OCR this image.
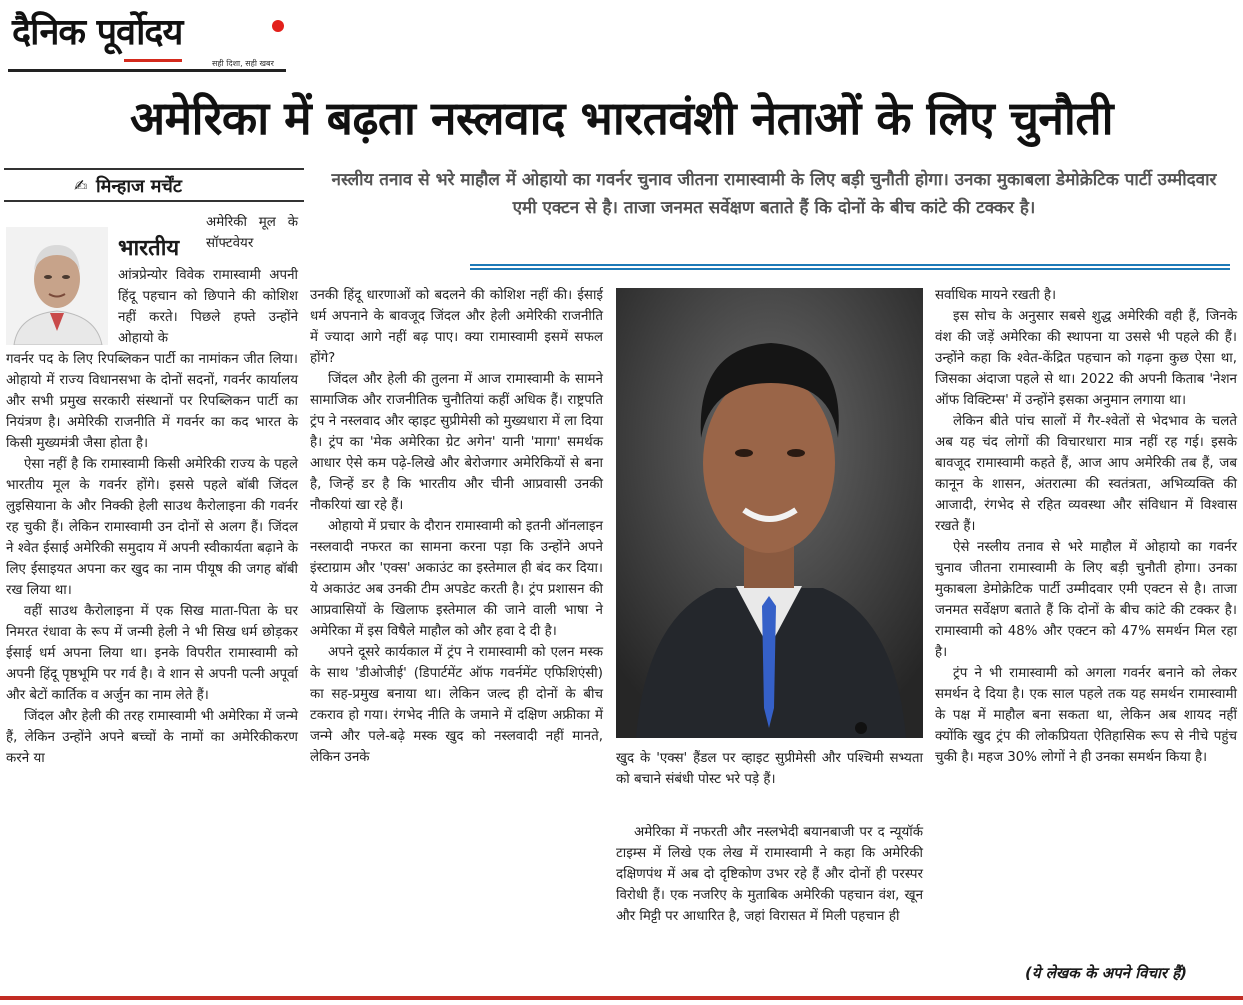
दैनिक पूर्वोदय
सही दिशा, सही खबर
अमेरिका में बढ़ता नस्लवाद भारतवंशी नेताओं के लिए चुनौती
✍ मिन्हाज मर्चेंट	नस्लीय तनाव से भरे माहौल में ओहायो का गवर्नर चुनाव जीतना रामास्वामी के लिए बड़ी चुनौती होगा। उनका मुकाबला डेमोक्रेटिक पार्टी उम्मीदवार एमी एक्टन से है। ताजा जनमत सर्वेक्षण बताते हैं कि दोनों के बीच कांटे की टक्कर है।

अमेरिकी मूल के सॉफ्टवेयर

भारतीय

आंत्रप्रेन्योर विवेक रामास्वामी अपनी हिंदू पहचान को छिपाने की कोशिश नहीं करते। पिछले हफ्ते उन्होंने ओहायो के

गवर्नर पद के लिए रिपब्लिकन पार्टी का नामांकन जीत लिया। ओहायो में राज्य विधानसभा के दोनों सदनों, गवर्नर कार्यालय और सभी प्रमुख सरकारी संस्थानों पर रिपब्लिकन पार्टी का नियंत्रण है। अमेरिकी राजनीति में गवर्नर का कद भारत के किसी मुख्यमंत्री जैसा होता है।

ऐसा नहीं है कि रामास्वामी किसी अमेरिकी राज्य के पहले भारतीय मूल के गवर्नर होंगे। इससे पहले बॉबी जिंदल लुइसियाना के और निक्की हेली साउथ कैरोलाइना की गवर्नर रह चुकी हैं। लेकिन रामास्वामी उन दोनों से अलग हैं। जिंदल ने श्वेत ईसाई अमेरिकी समुदाय में अपनी स्वीकार्यता बढ़ाने के लिए ईसाइयत अपना कर खुद का नाम पीयूष की जगह बॉबी रख लिया था।

वहीं साउथ कैरोलाइना में एक सिख माता-पिता के घर निमरत रंधावा के रूप में जन्मी हेली ने भी सिख धर्म छोड़कर ईसाई धर्म अपना लिया था। इनके विपरीत रामास्वामी को अपनी हिंदू पृष्ठभूमि पर गर्व है। वे शान से अपनी पत्नी अपूर्वा और बेटों कार्तिक व अर्जुन का नाम लेते हैं।

जिंदल और हेली की तरह रामास्वामी भी अमेरिका में जन्मे हैं, लेकिन उन्होंने अपने बच्चों के नामों का अमेरिकीकरण करने या

उनकी हिंदू धारणाओं को बदलने की कोशिश नहीं की। ईसाई धर्म अपनाने के बावजूद जिंदल और हेली अमेरिकी राजनीति में ज्यादा आगे नहीं बढ़ पाए। क्या रामास्वामी इसमें सफल होंगे?

जिंदल और हेली की तुलना में आज रामास्वामी के सामने सामाजिक और राजनीतिक चुनौतियां कहीं अधिक हैं। राष्ट्रपति ट्रंप ने नस्लवाद और व्हाइट सुप्रीमेसी को मुख्यधारा में ला दिया है। ट्रंप का 'मेक अमेरिका ग्रेट अगेन' यानी 'मागा' समर्थक आधार ऐसे कम पढ़े-लिखे और बेरोजगार अमेरिकियों से बना है, जिन्हें डर है कि भारतीय और चीनी आप्रवासी उनकी नौकरियां खा रहे हैं।

ओहायो में प्रचार के दौरान रामास्वामी को इतनी ऑनलाइन नस्लवादी नफरत का सामना करना पड़ा कि उन्होंने अपने इंस्टाग्राम और 'एक्स' अकाउंट का इस्तेमाल ही बंद कर दिया। ये अकाउंट अब उनकी टीम अपडेट करती है। ट्रंप प्रशासन की आप्रवासियों के खिलाफ इस्तेमाल की जाने वाली भाषा ने अमेरिका में इस विषैले माहौल को और हवा दे दी है।

अपने दूसरे कार्यकाल में ट्रंप ने रामास्वामी को एलन मस्क के साथ 'डीओजीई' (डिपार्टमेंट ऑफ गवर्नमेंट एफिशिएंसी) का सह-प्रमुख बनाया था। लेकिन जल्द ही दोनों के बीच टकराव हो गया। रंगभेद नीति के जमाने में दक्षिण अफ्रीका में जन्मे और पले-बढ़े मस्क खुद को नस्लवादी नहीं मानते, लेकिन उनके	खुद के 'एक्स' हैंडल पर व्हाइट सुप्रीमेसी और पश्चिमी सभ्यता को बचाने संबंधी पोस्ट भरे पड़े हैं।

अमेरिका में नफरती और नस्लभेदी बयानबाजी पर द न्यूयॉर्क टाइम्स में लिखे एक लेख में रामास्वामी ने कहा कि अमेरिकी दक्षिणपंथ में अब दो दृष्टिकोण उभर रहे हैं और दोनों ही परस्पर विरोधी हैं। एक नजरिए के मुताबिक अमेरिकी पहचान वंश, खून और मिट्टी पर आधारित है, जहां विरासत में मिली पहचान ही

सर्वाधिक मायने रखती है।

इस सोच के अनुसार सबसे शुद्ध अमेरिकी वही हैं, जिनके वंश की जड़ें अमेरिका की स्थापना या उससे भी पहले की हैं। उन्होंने कहा कि श्वेत-केंद्रित पहचान को गढ़ना कुछ ऐसा था, जिसका अंदाजा पहले से था। 2022 की अपनी किताब 'नेशन ऑफ विक्टिम्स' में उन्होंने इसका अनुमान लगाया था।

लेकिन बीते पांच सालों में गैर-श्वेतों से भेदभाव के चलते अब यह चंद लोगों की विचारधारा मात्र नहीं रह गई। इसके बावजूद रामास्वामी कहते हैं, आज आप अमेरिकी तब हैं, जब कानून के शासन, अंतरात्मा की स्वतंत्रता, अभिव्यक्ति की आजादी, रंगभेद से रहित व्यवस्था और संविधान में विश्वास रखते हैं।

ऐसे नस्लीय तनाव से भरे माहौल में ओहायो का गवर्नर चुनाव जीतना रामास्वामी के लिए बड़ी चुनौती होगा। उनका मुकाबला डेमोक्रेटिक पार्टी उम्मीदवार एमी एक्टन से है। ताजा जनमत सर्वेक्षण बताते हैं कि दोनों के बीच कांटे की टक्कर है। रामास्वामी को 48% और एक्टन को 47% समर्थन मिल रहा है।

ट्रंप ने भी रामास्वामी को अगला गवर्नर बनाने को लेकर समर्थन दे दिया है। एक साल पहले तक यह समर्थन रामास्वामी के पक्ष में माहौल बना सकता था, लेकिन अब शायद नहीं क्योंकि खुद ट्रंप की लोकप्रियता ऐतिहासिक रूप से नीचे पहुंच चुकी है। महज 30% लोगों ने ही उनका समर्थन किया है।

(ये लेखक के अपने विचार हैं)
